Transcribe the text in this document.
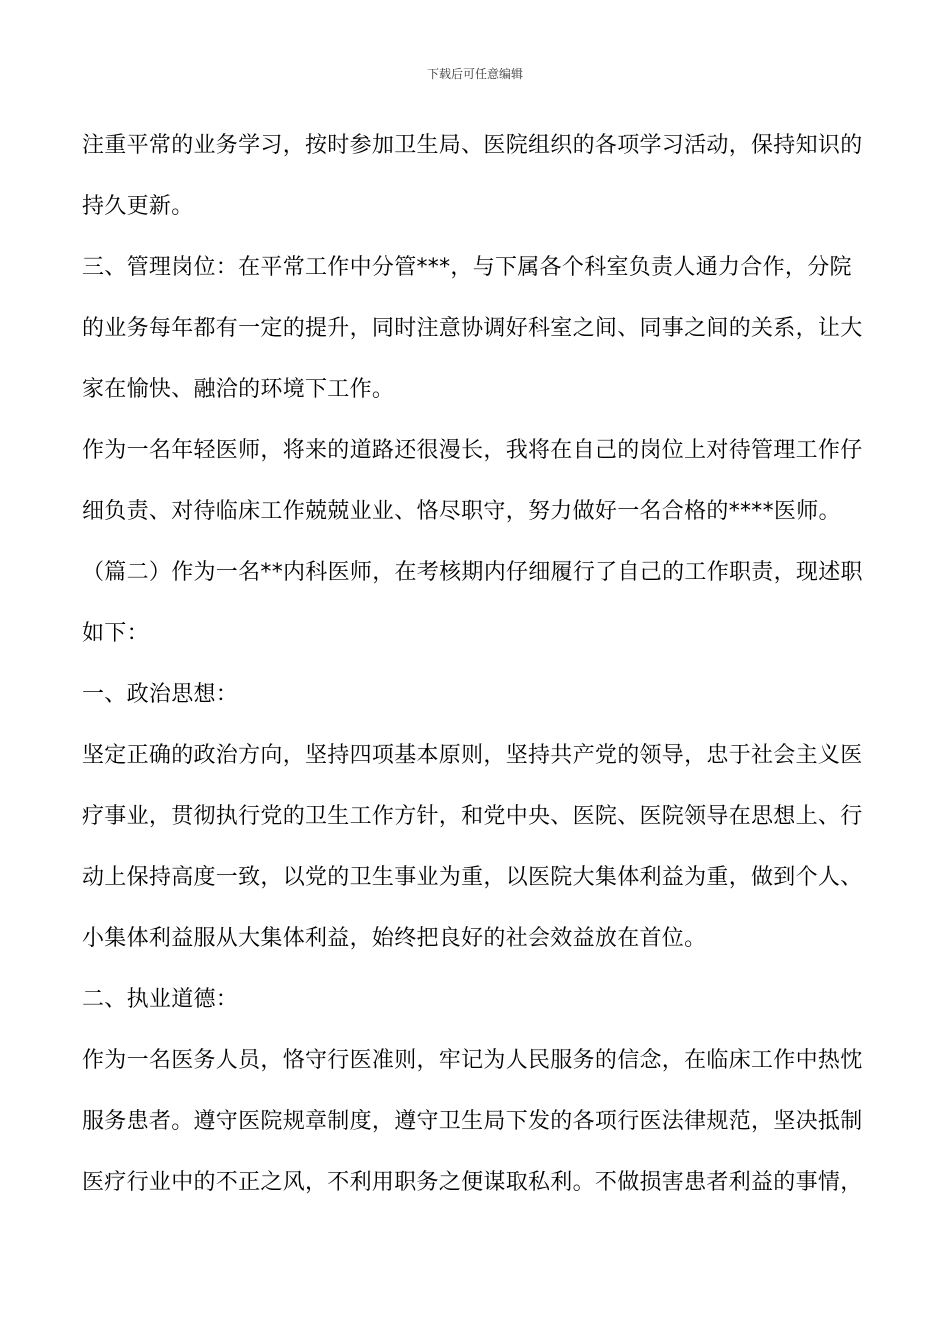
下载后可任意编辑

注重平常的业务学习，按时参加卫生局、医院组织的各项学习活动，保持知识的
持久更新。

三、管理岗位：在平常工作中分管***，与下属各个科室负责人通力合作，分院
的业务每年都有一定的提升，同时注意协调好科室之间、同事之间的关系，让大
家在愉快、融洽的环境下工作。

作为一名年轻医师，将来的道路还很漫长，我将在自己的岗位上对待管理工作仔
细负责、对待临床工作兢兢业业、恪尽职守，努力做好一名合格的****医师。

（篇二）作为一名**内科医师，在考核期内仔细履行了自己的工作职责，现述职
如下：

一、政治思想：

坚定正确的政治方向，坚持四项基本原则，坚持共产党的领导，忠于社会主义医
疗事业，贯彻执行党的卫生工作方针，和党中央、医院、医院领导在思想上、行
动上保持高度一致，以党的卫生事业为重，以医院大集体利益为重，做到个人、
小集体利益服从大集体利益，始终把良好的社会效益放在首位。

二、执业道德：

作为一名医务人员，恪守行医准则，牢记为人民服务的信念，在临床工作中热忱
服务患者。遵守医院规章制度，遵守卫生局下发的各项行医法律规范，坚决抵制
医疗行业中的不正之风，不利用职务之便谋取私利。不做损害患者利益的事情，
